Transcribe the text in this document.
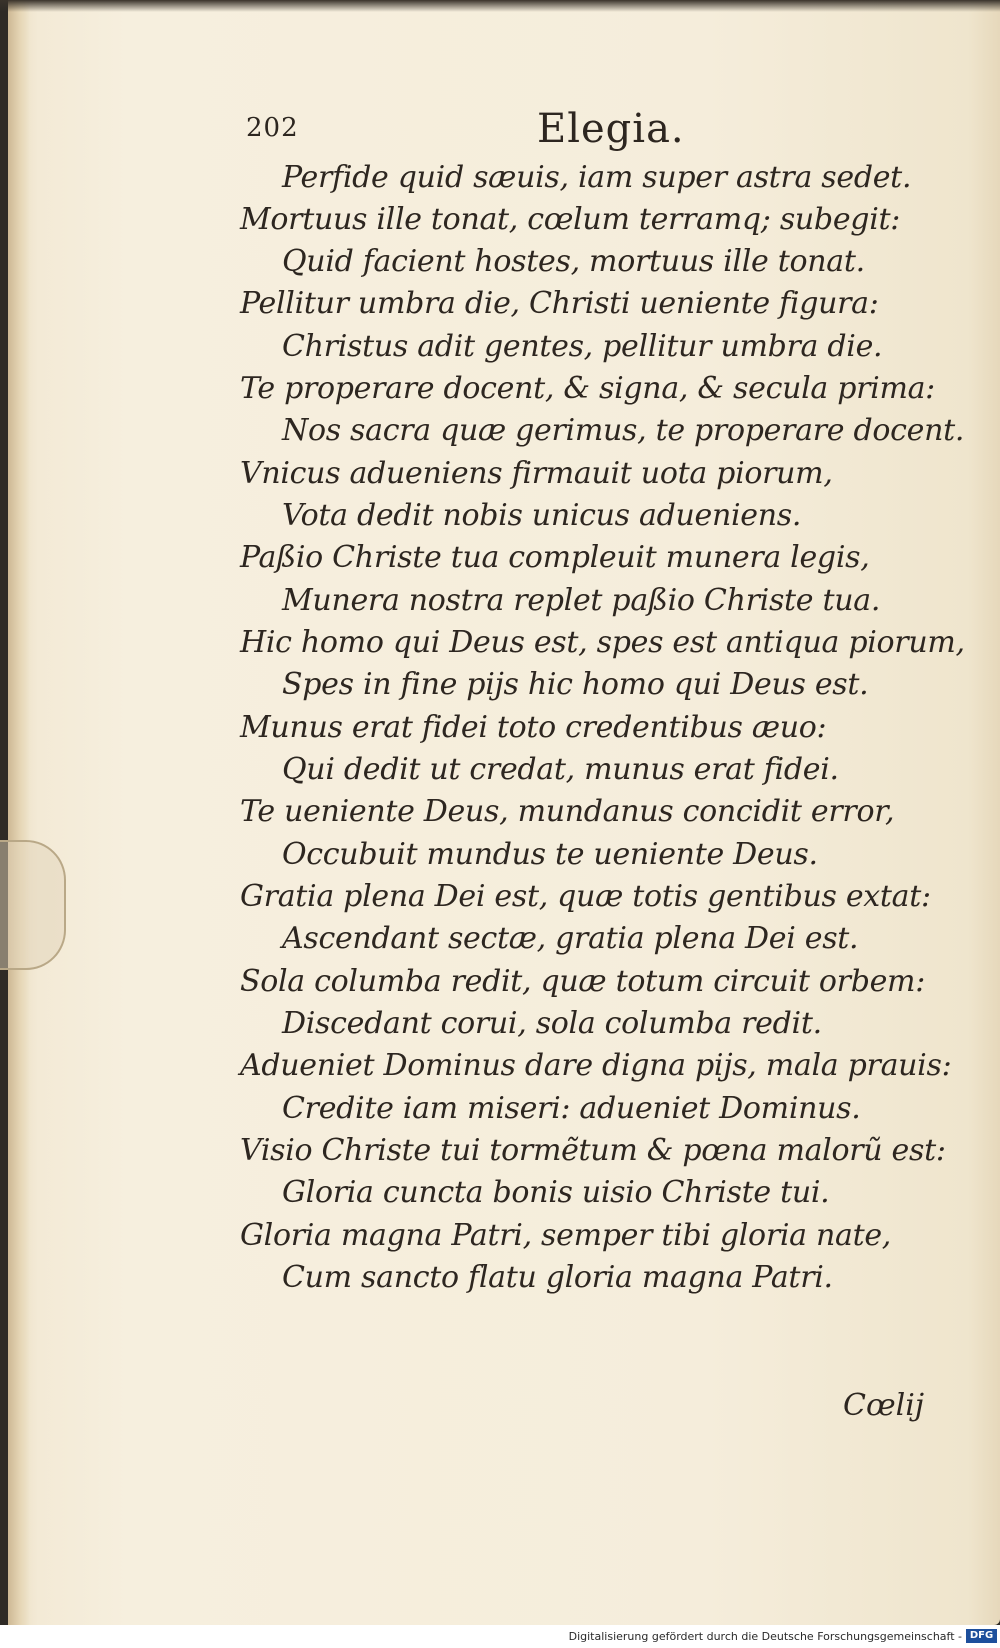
202	Elegia.
Perfide quid sæuis, iam super astra sedet.
Mortuus ille tonat, cœlum terramq; subegit:
Quid facient hostes, mortuus ille tonat.
Pellitur umbra die, Christi ueniente figura:
Christus adit gentes, pellitur umbra die.
Te properare docent, & signa, & secula prima:
Nos sacra quæ gerimus, te properare docent.
Vnicus adueniens firmauit uota piorum,
Vota dedit nobis unicus adueniens.
Paßio Christe tua compleuit munera legis,
Munera nostra replet paßio Christe tua.
Hic homo qui Deus est, spes est antiqua piorum,
Spes in fine pijs hic homo qui Deus est.
Munus erat fidei toto credentibus æuo:
Qui dedit ut credat, munus erat fidei.
Te ueniente Deus, mundanus concidit error,
Occubuit mundus te ueniente Deus.
Gratia plena Dei est, quæ totis gentibus extat:
Ascendant sectæ, gratia plena Dei est.
Sola columba redit, quæ totum circuit orbem:
Discedant corui, sola columba redit.
Adueniet Dominus dare digna pijs, mala prauis:
Credite iam miseri: adueniet Dominus.
Visio Christe tui tormẽtum & pœna malorũ est:
Gloria cuncta bonis uisio Christe tui.
Gloria magna Patri, semper tibi gloria nate,
Cum sancto flatu gloria magna Patri.
Cœlij
Digitalisierung gefördert durch die Deutsche Forschungsgemeinschaft - DFG
